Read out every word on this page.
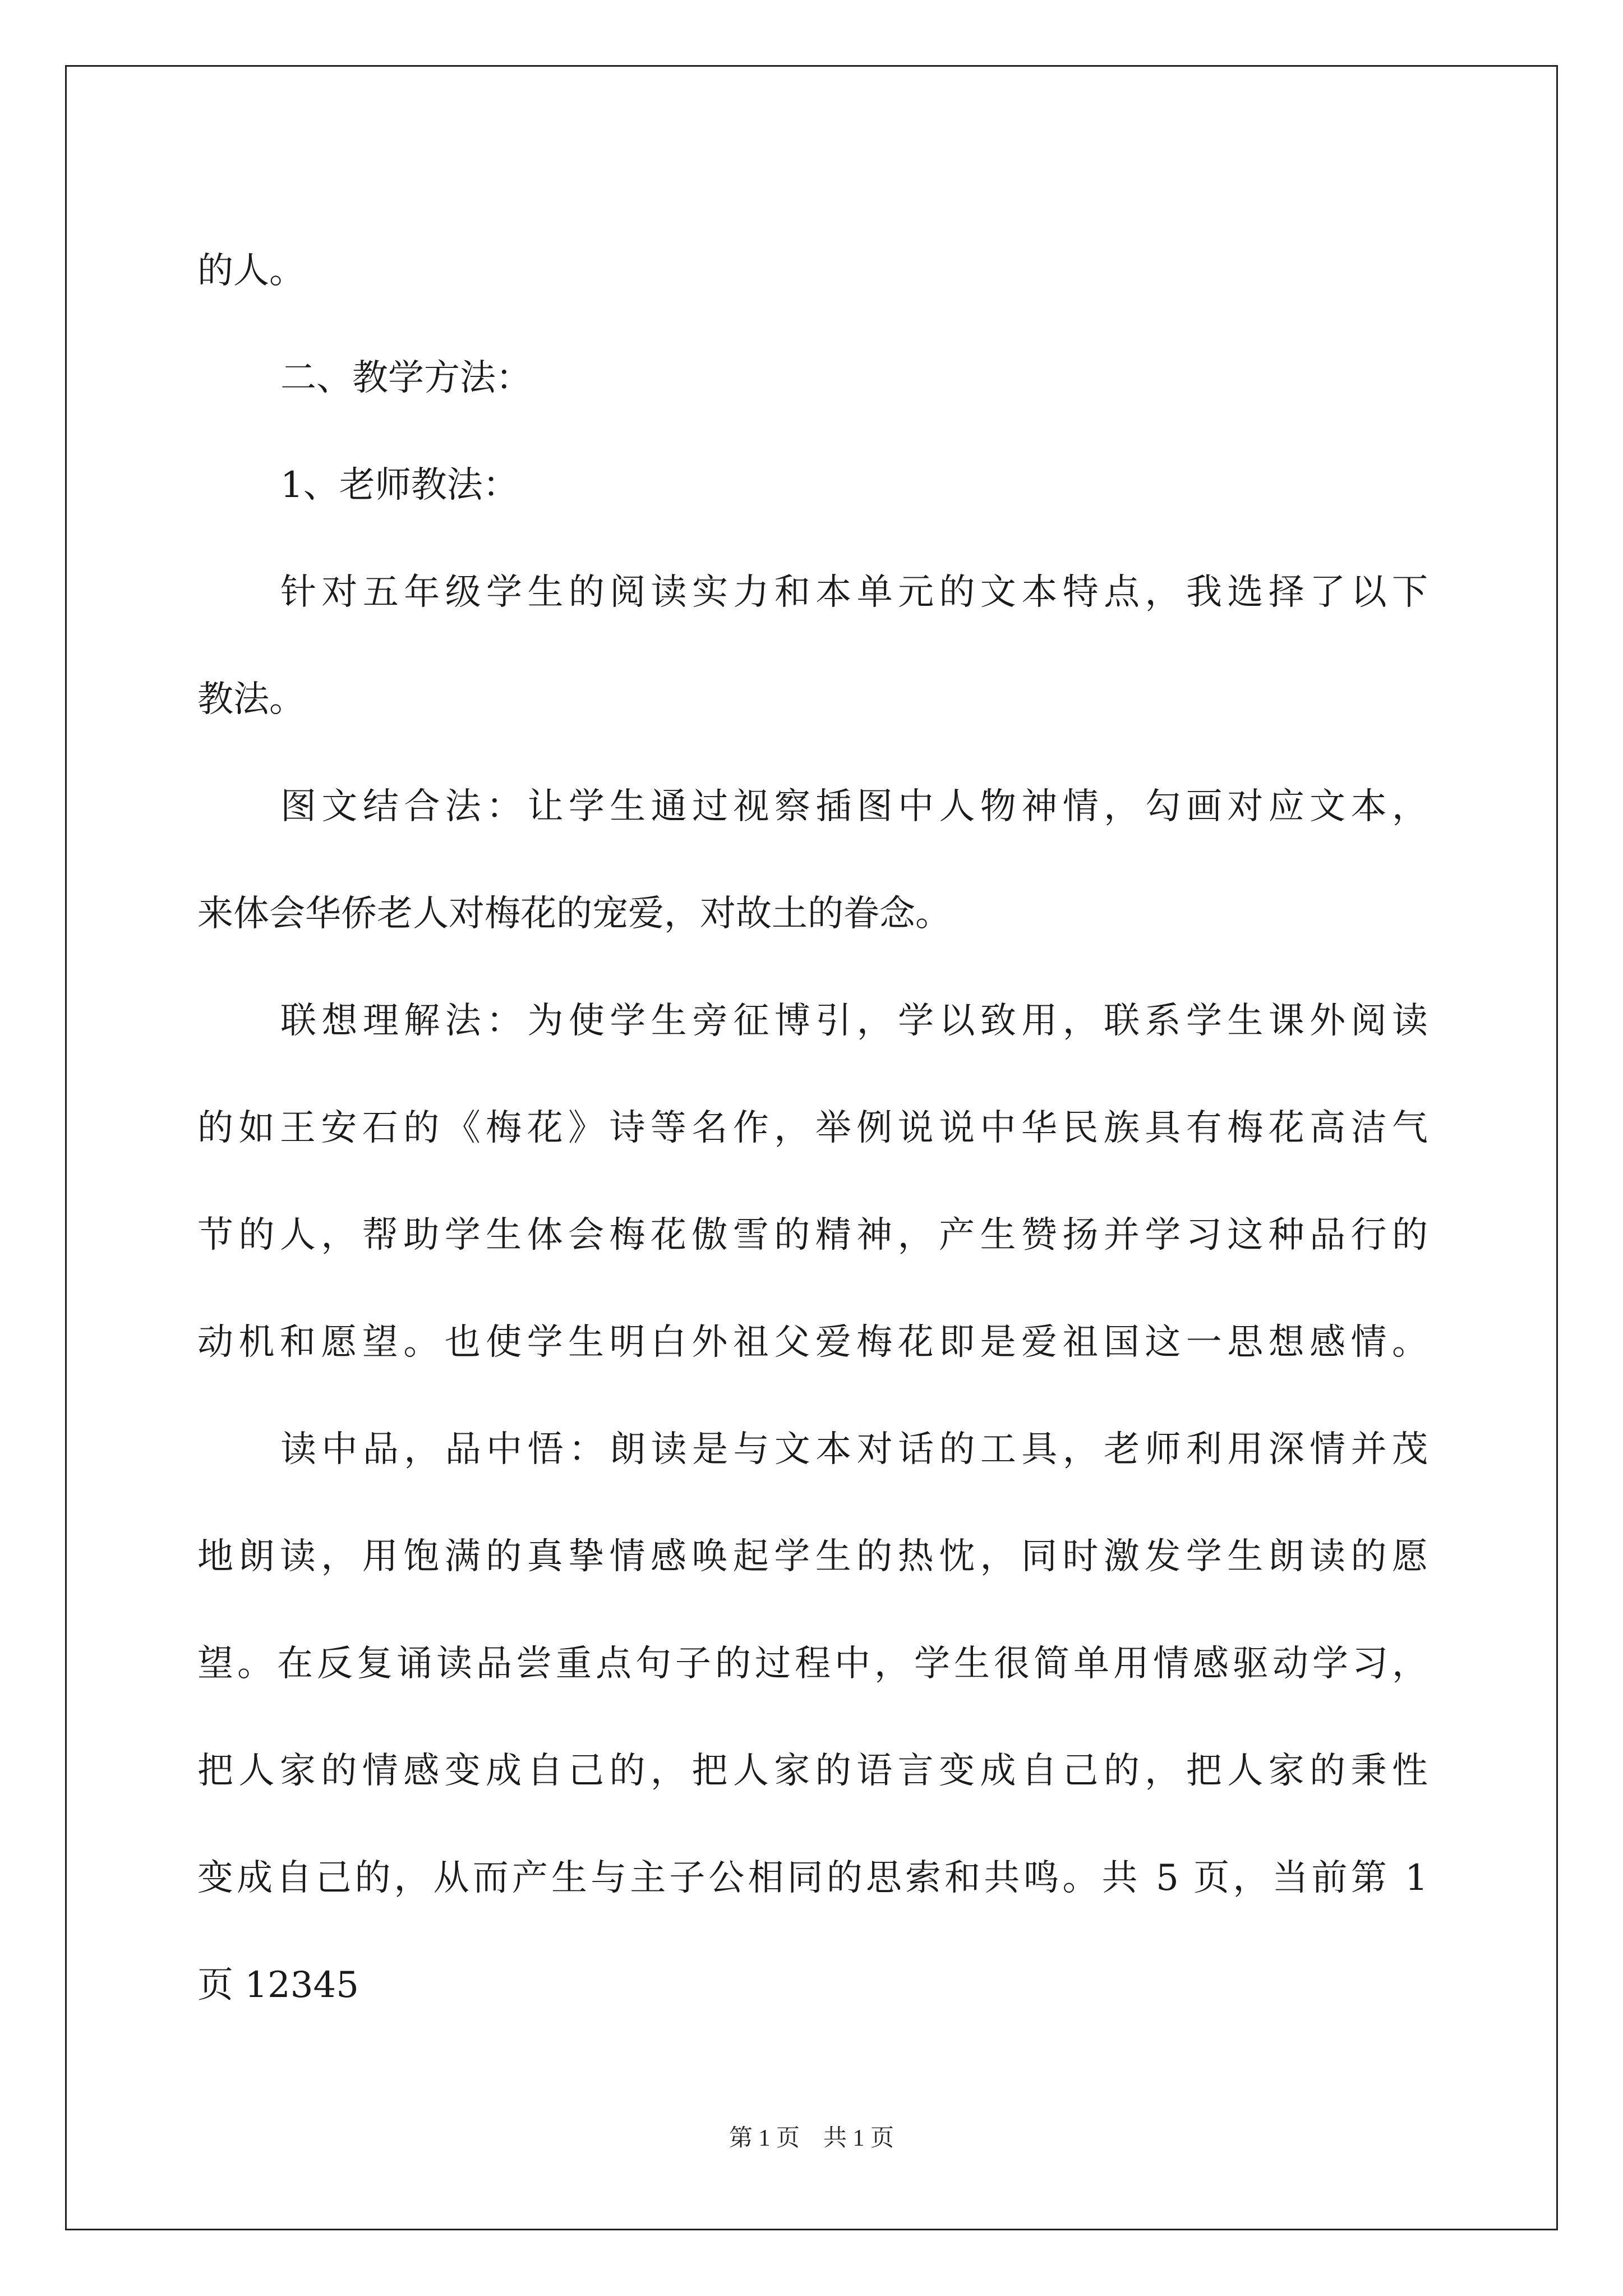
的人。
二、教学方法：
1、老师教法：
针对五年级学生的阅读实力和本单元的文本特点，我选择了以下
教法。
图文结合法：让学生通过视察插图中人物神情，勾画对应文本，
来体会华侨老人对梅花的宠爱，对故土的眷念。
联想理解法：为使学生旁征博引，学以致用，联系学生课外阅读
的如王安石的《梅花》诗等名作，举例说说中华民族具有梅花高洁气
节的人，帮助学生体会梅花傲雪的精神，产生赞扬并学习这种品行的
动机和愿望。也使学生明白外祖父爱梅花即是爱祖国这一思想感情。
读中品，品中悟：朗读是与文本对话的工具，老师利用深情并茂
地朗读，用饱满的真挚情感唤起学生的热忱，同时激发学生朗读的愿
望。在反复诵读品尝重点句子的过程中，学生很简单用情感驱动学习，
把人家的情感变成自己的，把人家的语言变成自己的，把人家的秉性
变成自己的，从而产生与主子公相同的思索和共鸣。共 5 页，当前第 1
页 12345
第 1 页　共 1 页
